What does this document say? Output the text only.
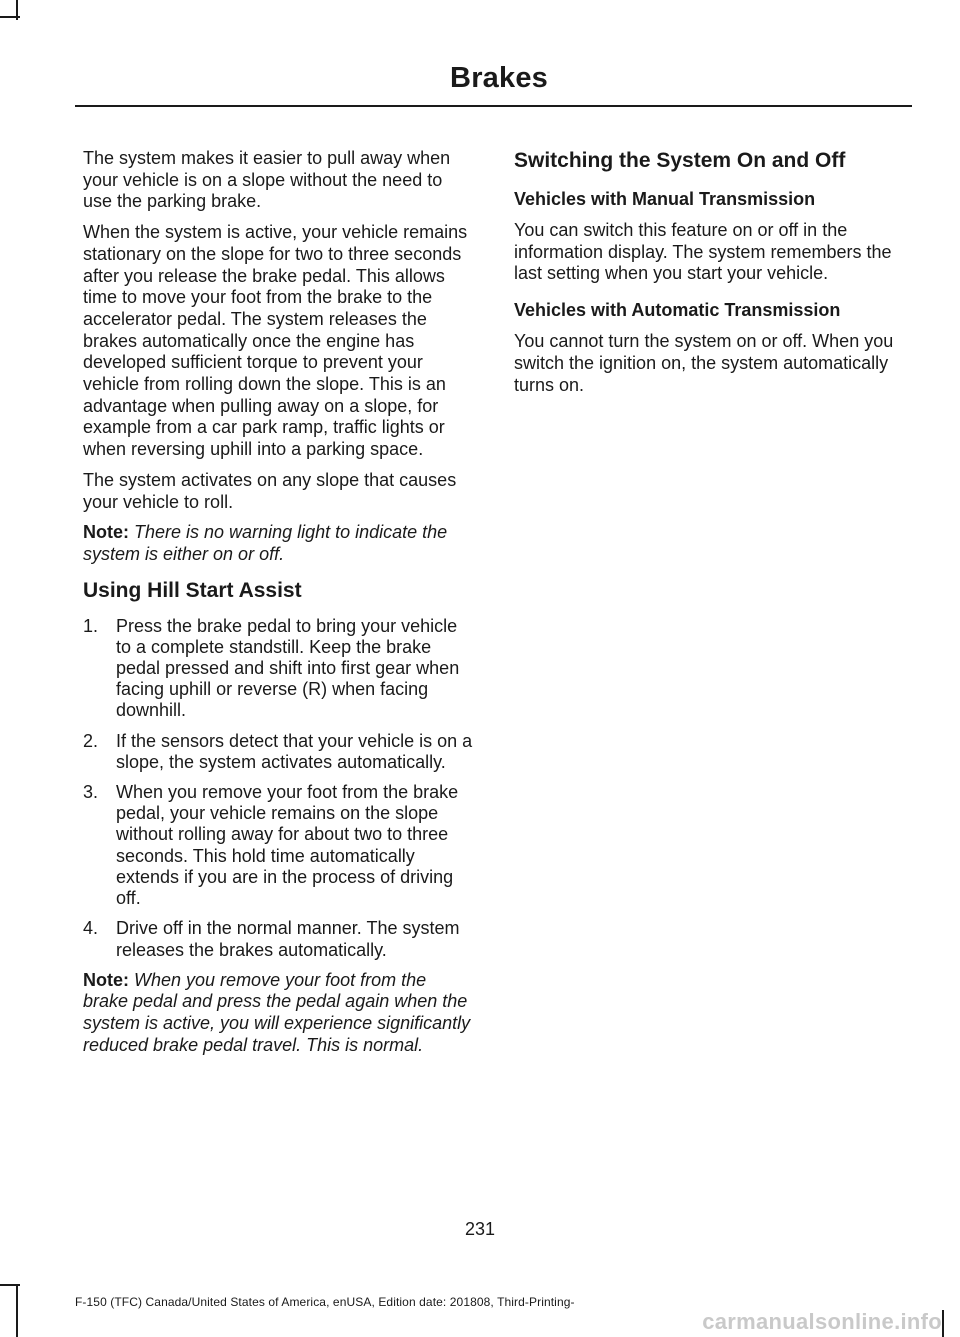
Brakes

The system makes it easier to pull away when your vehicle is on a slope without the need to use the parking brake.

When the system is active, your vehicle remains stationary on the slope for two to three seconds after you release the brake pedal. This allows time to move your foot from the brake to the accelerator pedal. The system releases the brakes automatically once the engine has developed sufficient torque to prevent your vehicle from rolling down the slope. This is an advantage when pulling away on a slope, for example from a car park ramp, traffic lights or when reversing uphill into a parking space.

The system activates on any slope that causes your vehicle to roll.

Note: There is no warning light to indicate the system is either on or off.

Using Hill Start Assist
1. Press the brake pedal to bring your vehicle to a complete standstill. Keep the brake pedal pressed and shift into first gear when facing uphill or reverse (R) when facing downhill.
2. If the sensors detect that your vehicle is on a slope, the system activates automatically.
3. When you remove your foot from the brake pedal, your vehicle remains on the slope without rolling away for about two to three seconds. This hold time automatically extends if you are in the process of driving off.
4. Drive off in the normal manner. The system releases the brakes automatically.

Note: When you remove your foot from the brake pedal and press the pedal again when the system is active, you will experience significantly reduced brake pedal travel. This is normal.

Switching the System On and Off
Vehicles with Manual Transmission

You can switch this feature on or off in the information display. The system remembers the last setting when you start your vehicle.

Vehicles with Automatic Transmission

You cannot turn the system on or off. When you switch the ignition on, the system automatically turns on.

231
F-150 (TFC) Canada/United States of America, enUSA, Edition date: 201808, Third-Printing-
carmanualsonline.info
